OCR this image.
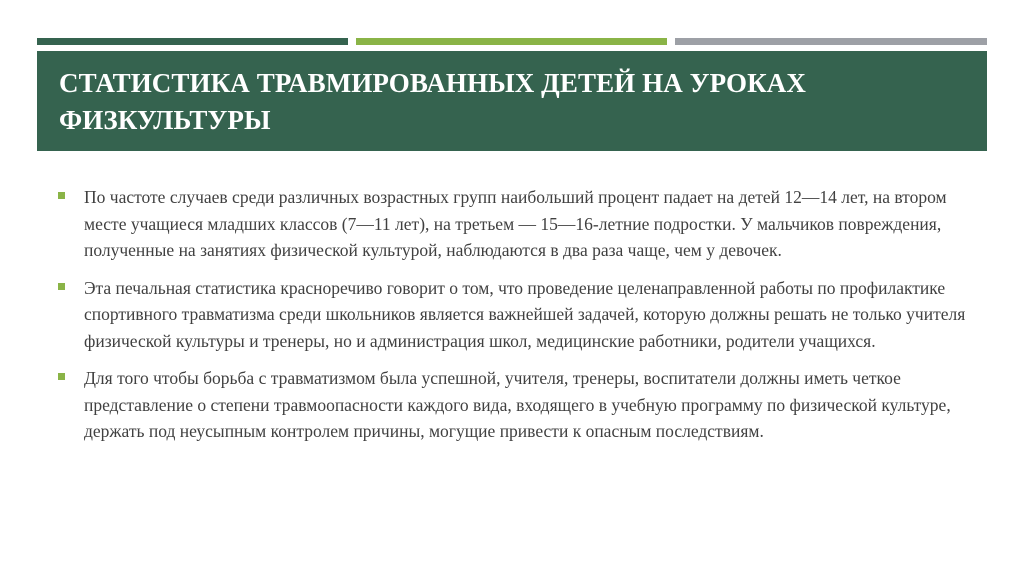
СТАТИСТИКА ТРАВМИРОВАННЫХ ДЕТЕЙ НА УРОКАХ ФИЗКУЛЬТУРЫ
По частоте случаев среди различных возрастных групп наибольший процент падает на детей 12—14 лет, на втором месте учащиеся младших классов (7—11 лет), на третьем — 15—16-летние подростки. У мальчиков повреждения, полученные на занятиях физической культурой, наблюдаются в два раза чаще, чем у девочек.
Эта печальная статистика красноречиво говорит о том, что проведение целенаправленной работы по профилактике спортивного травматизма среди школьников является важнейшей задачей, которую должны решать не только учителя физической культуры и тренеры, но и администрация школ, медицинские работники, родители учащихся.
Для того чтобы борьба с травматизмом была успешной, учителя, тренеры, воспитатели должны иметь четкое представление о степени травмоопасности каждого вида, входящего в учебную программу по физической культуре, держать под неусыпным контролем причины, могущие привести к опасным последствиям.
